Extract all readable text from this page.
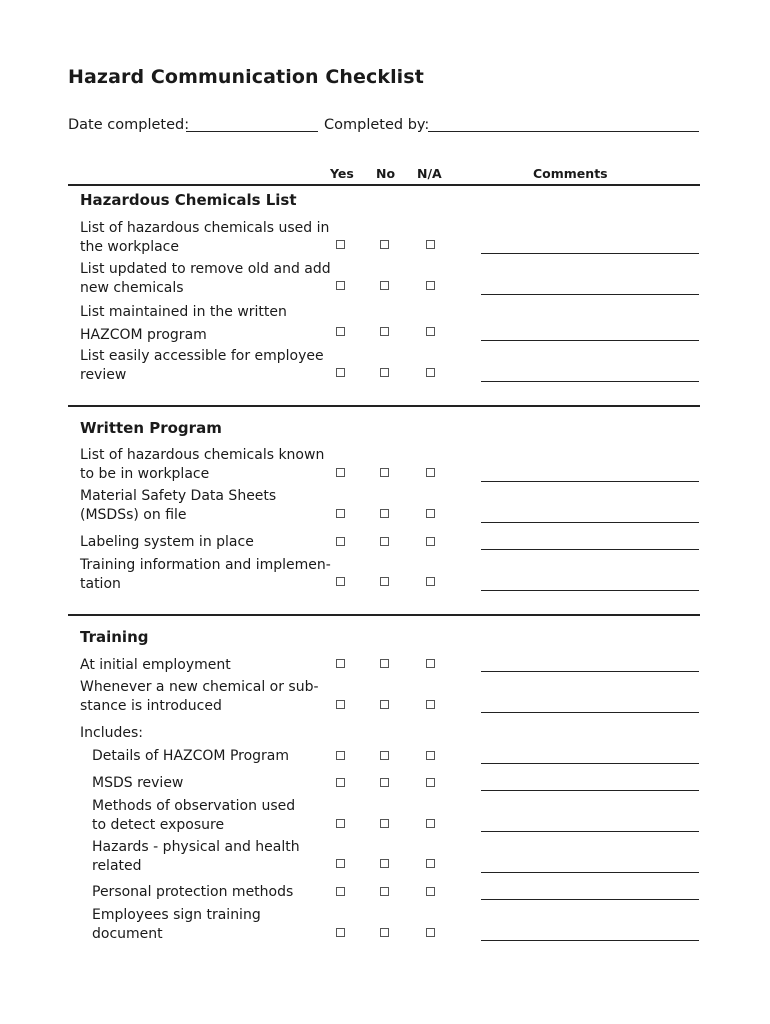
Hazard Communication Checklist
Date completed:	Completed by:
Yes No N/A	Comments
Hazardous Chemicals List
List of hazardous chemicals used in
the workplace
List updated to remove old and add
new chemicals
List maintained in the written
HAZCOM program
List easily accessible for employee
review
Written Program
List of hazardous chemicals known
to be in workplace
Material Safety Data Sheets
(MSDSs) on file
Labeling system in place
Training information and implemen-
tation
Training
At initial employment
Whenever a new chemical or sub-
stance is introduced
Includes:
Details of HAZCOM Program
MSDS review
Methods of observation used
to detect exposure
Hazards - physical and health
related
Personal protection methods
Employees sign training
document
